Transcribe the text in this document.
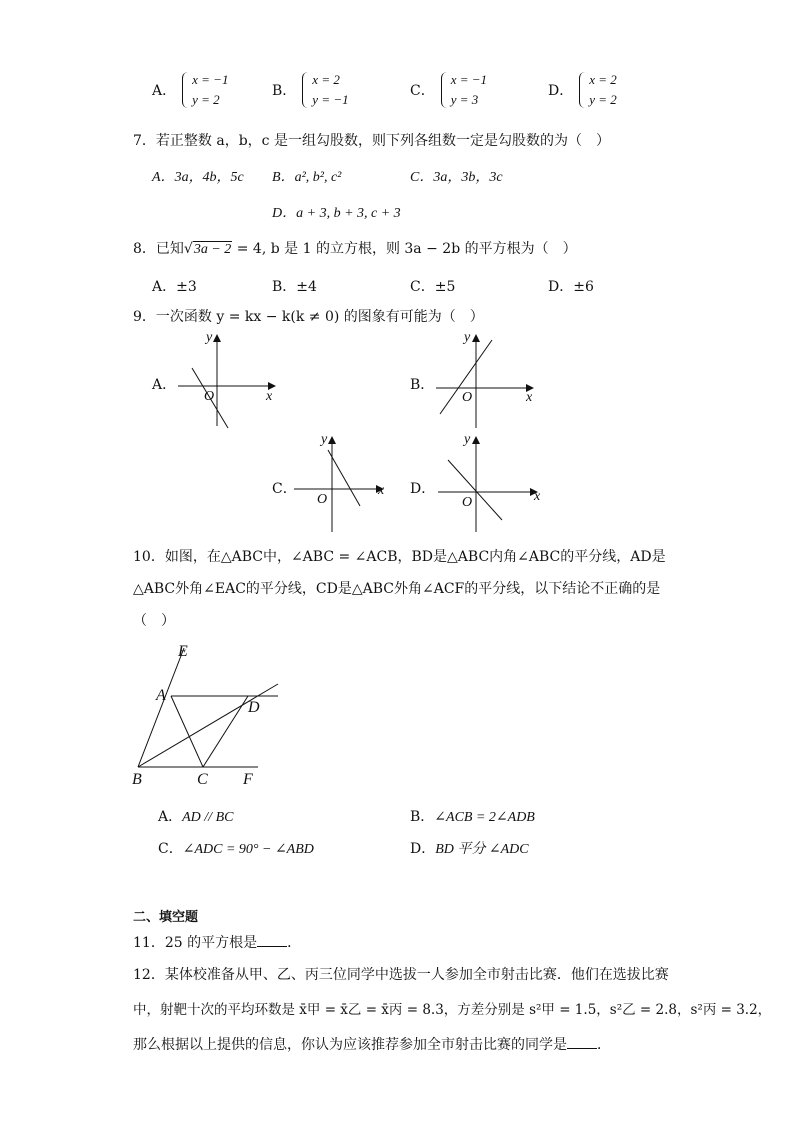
A．x = −1
y = 2
B．x = 2
y = −1
C．x = −1
y = 3
D．x = 2
y = 2
7．若正整数 a，b，c 是一组勾股数，则下列各组数一定是勾股数的为（　）
A．3a，4b，5c B．a², b², c²	C．3a，3b，3c
D．a + 3, b + 3, c + 3
8．已知√3a − 2 = 4, b 是 1 的立方根，则 3a − 2b 的平方根为（　）
A．±3	B．±4	C．±5	D．±6
9．一次函数 y = kx − k(k ≠ 0) 的图象有可能为（　）
A．
x
y
O
B．
x
y
O
C．	x
y
O
D．	x
y
O
10．如图，在△ABC中，∠ABC = ∠ACB，BD是△ABC内角∠ABC的平分线，AD是
△ABC外角∠EAC的平分线，CD是△ABC外角∠ACF的平分线，以下结论不正确的是
（　）
E
A
D
B	C F
A．AD // BC	B．∠ACB = 2∠ADB
C．∠ADC = 90° − ∠ABD	D．BD 平分 ∠ADC
二、填空题
11．25 的平方根是 ．
12．某体校准备从甲、乙、丙三位同学中选拔一人参加全市射击比赛．他们在选拔比赛
中，射靶十次的平均环数是 x̄甲 = x̄乙 = x̄丙 = 8.3，方差分别是 s²甲 = 1.5，s²乙 = 2.8，s²丙 = 3.2，
那么根据以上提供的信息，你认为应该推荐参加全市射击比赛的同学是 ．
